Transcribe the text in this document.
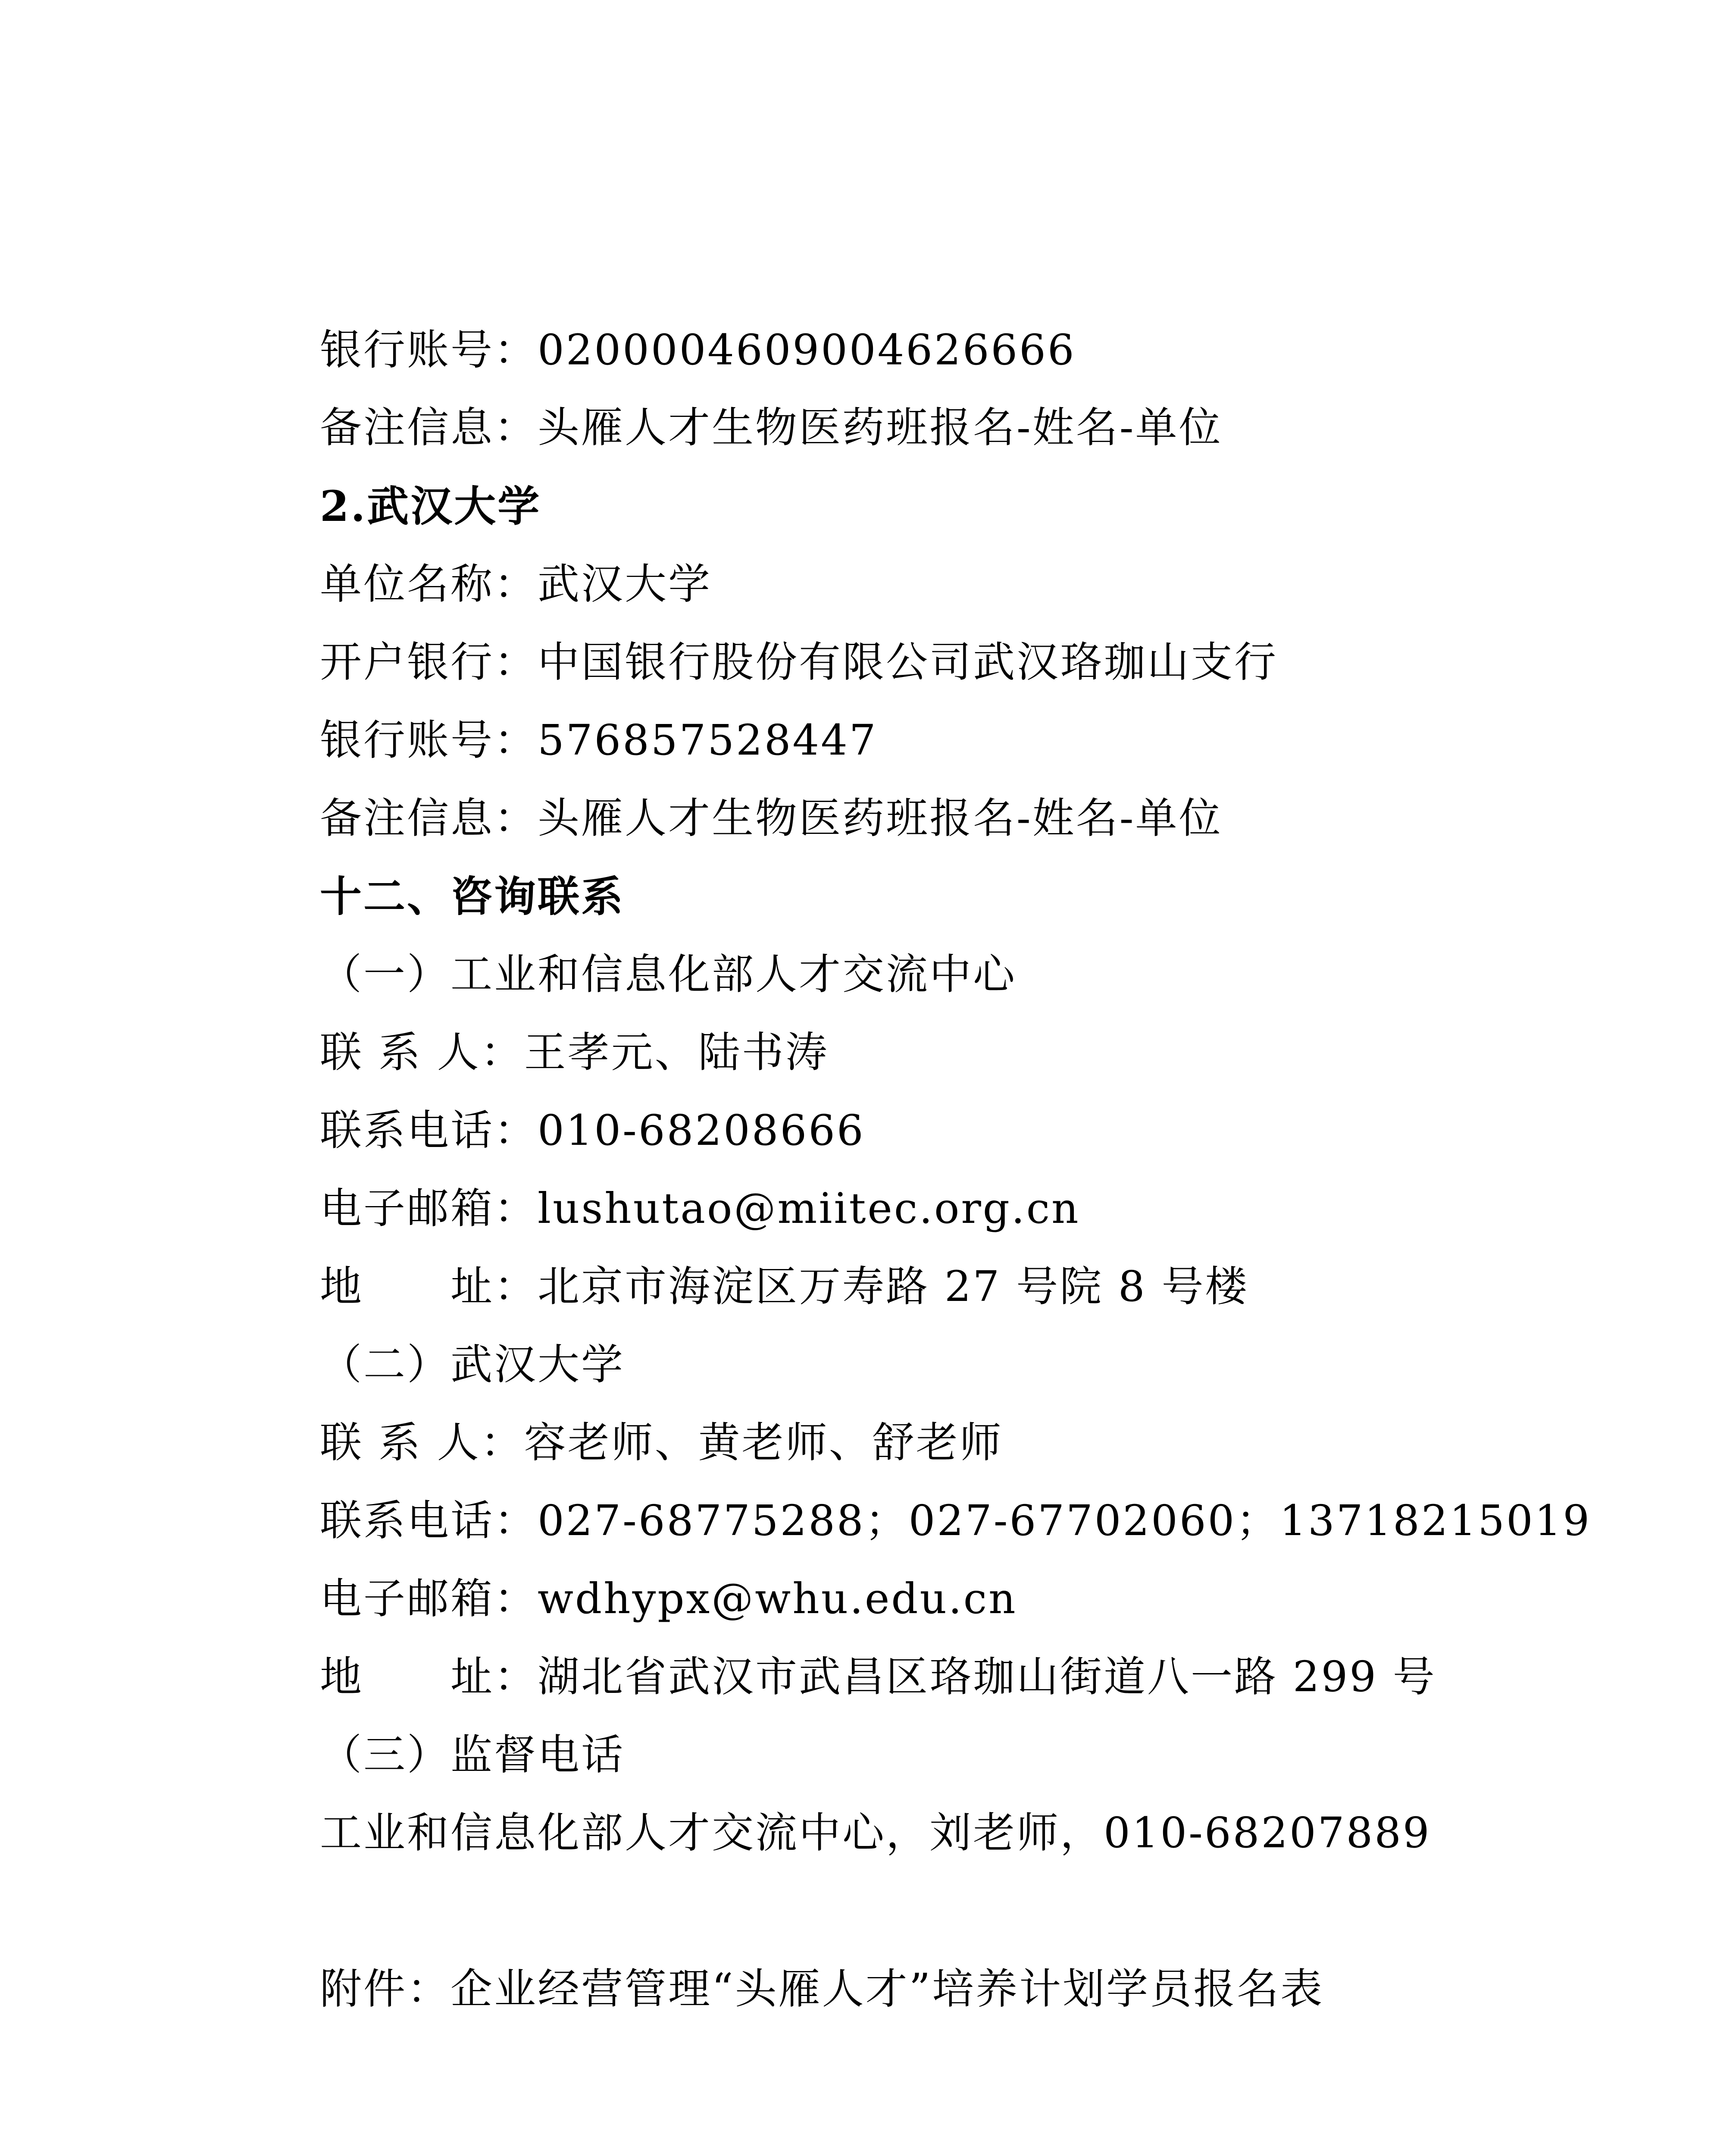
银行账号：0200004609004626666
备注信息：头雁人才生物医药班报名-姓名-单位
2.武汉大学
单位名称：武汉大学
开户银行：中国银行股份有限公司武汉珞珈山支行
银行账号：576857528447
备注信息：头雁人才生物医药班报名-姓名-单位
十二、咨询联系
（一）工业和信息化部人才交流中心
联 系 人：王孝元、陆书涛
联系电话：010-68208666
电子邮箱：lushutao@miitec.org.cn
地　　址：北京市海淀区万寿路 27 号院 8 号楼
（二）武汉大学
联 系 人：容老师、黄老师、舒老师
联系电话：027-68775288；027-67702060；13718215019
电子邮箱：wdhypx@whu.edu.cn
地　　址：湖北省武汉市武昌区珞珈山街道八一路 299 号
（三）监督电话
工业和信息化部人才交流中心，刘老师，010-68207889
附件：企业经营管理“头雁人才”培养计划学员报名表
